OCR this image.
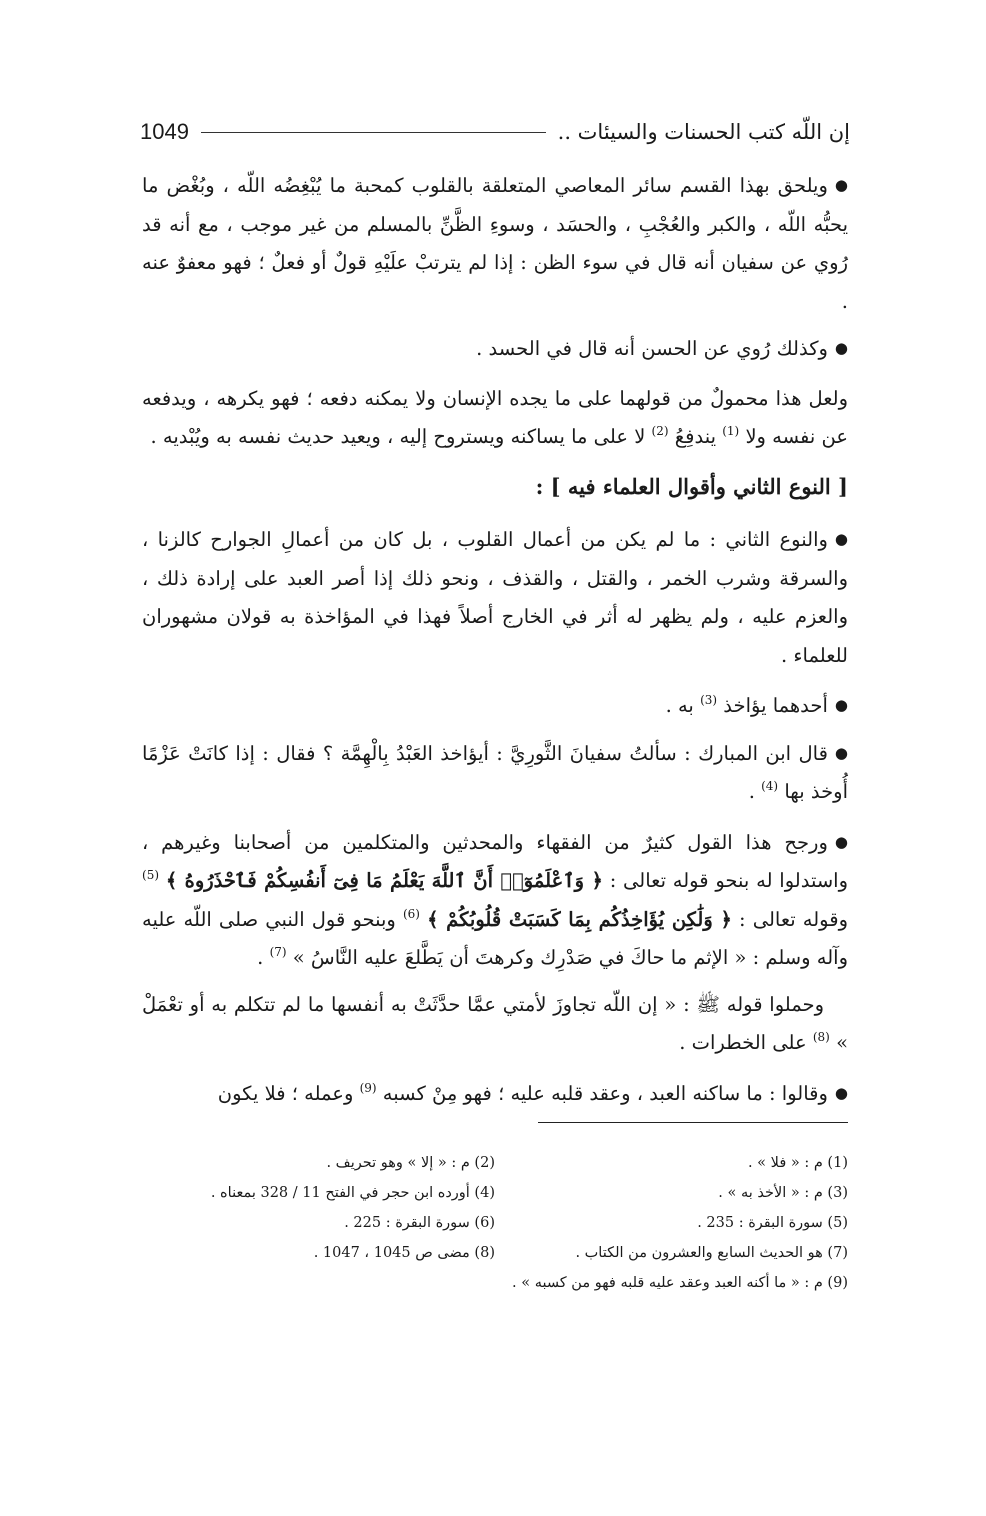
إن اللّه كتب الحسنات والسيئات ..
1049

●ويلحق بهذا القسم سائر المعاصي المتعلقة بالقلوب كمحبة ما يُبْغِضُه اللّه ، وبُغْض ما يحبُّه اللّه ، والكبر والعُجْبِ ، والحسَد ، وسوءِ الظَّنِّ بالمسلم من غير موجب ، مع أنه قد رُوي عن سفيان أنه قال في سوء الظن : إذا لم يترتبْ علَيْهِ قولٌ أو فعلٌ ؛ فهو معفوٌ عنه .

●وكذلك رُوي عن الحسن أنه قال في الحسد .

ولعل هذا محمولٌ من قولهما على ما يجده الإنسان ولا يمكنه دفعه ؛ فهو يكرهه ، ويدفعه عن نفسه ولا $^{(1)}$ يندفِعُ $^{(2)}$ لا على ما يساكنه ويستروح إليه ، ويعيد حديث نفسه به ويُبْديه .

[ النوع الثاني وأقوال العلماء فيه ] :

●والنوع الثاني : ما لم يكن من أعمال القلوب ، بل كان من أعمالِ الجوارح كالزنا ، والسرقة وشرب الخمر ، والقتل ، والقذف ، ونحو ذلك إذا أصر العبد على إرادة ذلك ، والعزم عليه ، ولم يظهر له أثر في الخارج أصلاً فهذا في المؤاخذة به قولان مشهوران للعلماء .

●أحدهما يؤاخذ $^{(3)}$ به .

●قال ابن المبارك : سألتُ سفيانَ الثَّورِيَّ : أيؤاخذ العَبْدُ بِالْهِمَّة ؟ فقال : إذا كانَتْ عَزْمًا أُوخذ بها $^{(4)}$ .

●ورجح هذا القول كثيرٌ من الفقهاء والمحدثين والمتكلمين من أصحابنا وغيرهم ، واستدلوا له بنحو قوله تعالى : ﴿ وَٱعْلَمُوٓا۟ أَنَّ ٱللَّهَ يَعْلَمُ مَا فِىٓ أَنفُسِكُمْ فَٱحْذَرُوهُ ﴾ $^{(5)}$ وقوله تعالى : ﴿ وَلَٰكِن يُؤَاخِذُكُم بِمَا كَسَبَتْ قُلُوبُكُمْ ﴾ $^{(6)}$ وبنحو قول النبي صلى اللّه عليه وآله وسلم : « الإثم ما حاكَ في صَدْرِك وكرهتَ أن يَطَّلعَ عليه النَّاسُ » $^{(7)}$ .

وحملوا قوله ﷺ : « إن اللّه تجاوزَ لأمتي عمَّا حدَّثَتْ به أنفسها ما لم تتكلم به أو تعْمَلْ » $^{(8)}$ على الخطرات .

●وقالوا : ما ساكنه العبد ، وعقد قلبه عليه ؛ فهو مِنْ كسبه $^{(9)}$ وعمله ؛ فلا يكون

(1) م : « فلا » .
(2) م : « إلا » وهو تحريف .
(3) م : « الأخذ به » .
(4) أورده ابن حجر في الفتح 11 / 328 بمعناه .
(5) سورة البقرة : 235 .
(6) سورة البقرة : 225 .
(7) هو الحديث السابع والعشرون من الكتاب .
(8) مضى ص 1045 ، 1047 .
(9) م : « ما أكنه العبد وعقد عليه قلبه فهو من كسبه » .
